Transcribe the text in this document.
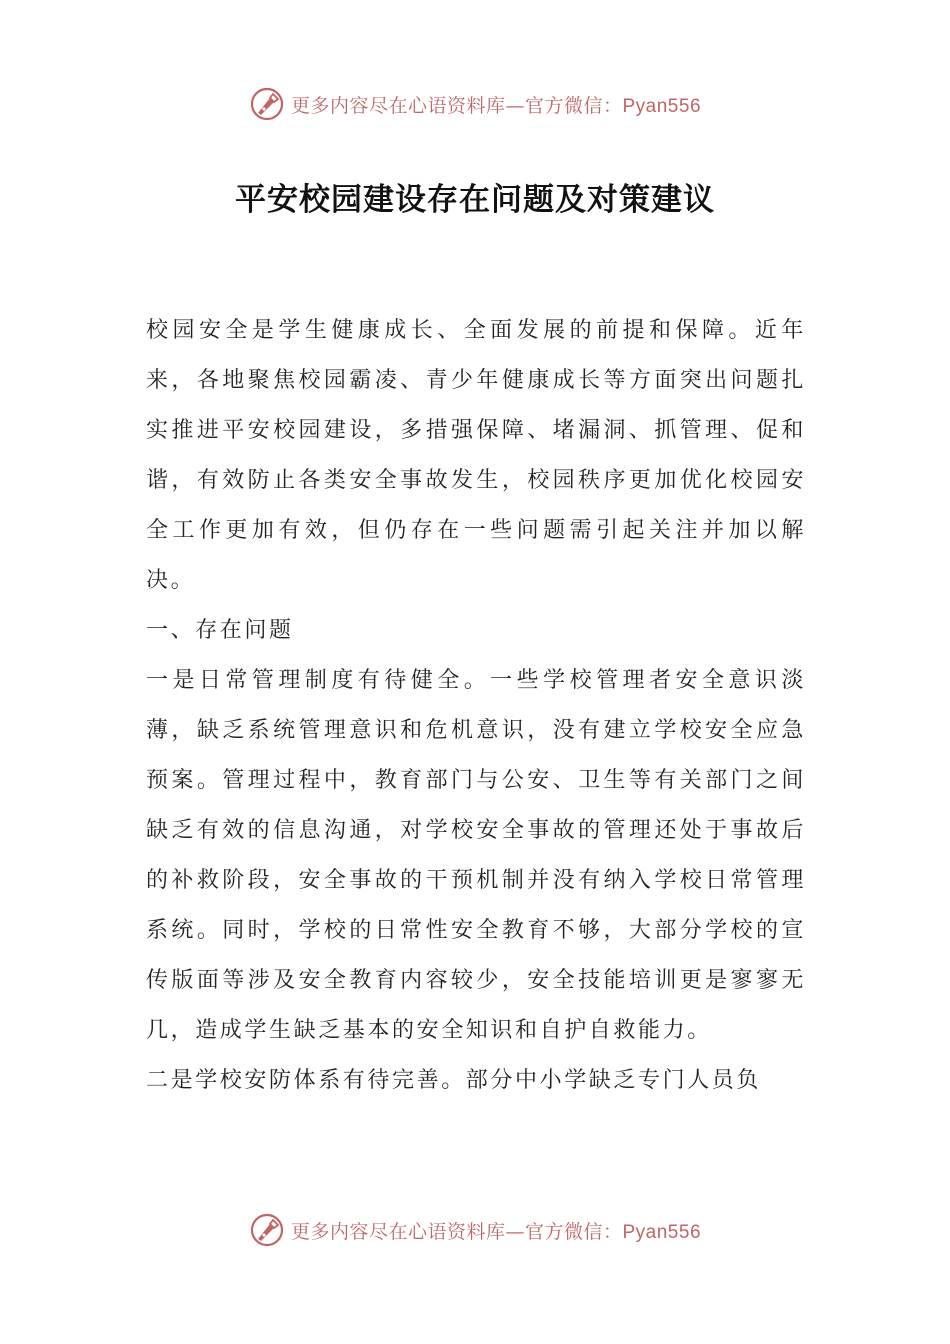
更多内容尽在心语资料库—官方微信：Pyan556
平安校园建设存在问题及对策建议

校园安全是学生健康成长、全面发展的前提和保障。近年来，各地聚焦校园霸凌、青少年健康成长等方面突出问题扎实推进平安校园建设，多措强保障、堵漏洞、抓管理、促和谐，有效防止各类安全事故发生，校园秩序更加优化校园安全工作更加有效，但仍存在一些问题需引起关注并加以解决。

一、存在问题

一是日常管理制度有待健全。一些学校管理者安全意识淡薄，缺乏系统管理意识和危机意识，没有建立学校安全应急预案。管理过程中，教育部门与公安、卫生等有关部门之间缺乏有效的信息沟通，对学校安全事故的管理还处于事故后的补救阶段，安全事故的干预机制并没有纳入学校日常管理系统。同时，学校的日常性安全教育不够，大部分学校的宣传版面等涉及安全教育内容较少，安全技能培训更是寥寥无几，造成学生缺乏基本的安全知识和自护自救能力。

二是学校安防体系有待完善。部分中小学缺乏专门人员负

更多内容尽在心语资料库—官方微信：Pyan556
